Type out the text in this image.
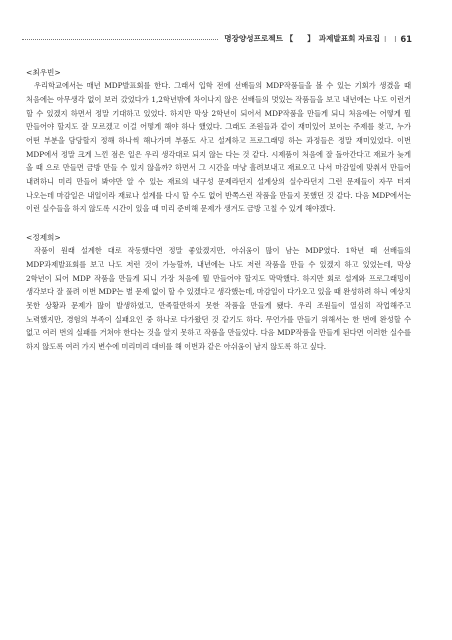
명장양성프로젝트 【 】 과제발표회 자료집 l l 61

<최우빈>

우리학교에서는 매년 MDP발표회를 한다. 그래서 입학 전에 선배들의 MDP작품들을 볼 수 있는 기회가 생겼을 때 처음에는 아무생각 없이 보러 갔었다가 1,2학년밖에 차이나지 않은 선배들의 멋있는 작품들을 보고 내년에는 나도 이런거 할 수 있겠지 하면서 정말 기대하고 있었다. 하지만 막상 2학년이 되어서 MDP작품을 만들게 되니 처음에는 어떻게 뭘 만들어야 할지도 잘 모르겠고 이걸 어떻게 해야 하나 했었다. 그래도 조원들과 같이 재미있어 보이는 주제를 찾고, 누가 어떤 부분을 담당할지 정해 하나씩 해나가며 부품도 사고 설계하고 프로그래밍 하는 과정들은 정말 재미있었다. 이번 MDP에서 정말 크게 느낀 점은 일은 우리 생각대로 되지 않는 다는 것 같다. 시제품이 처음에 잘 돌아간다고 재료가 늦게 올 때 으로 만들면 금방 만들 수 있지 않을까? 하면서 그 시간을 마냥 흘려보내고 재료오고 나서 마감일에 맞춰서 만들어 내려하니 미리 만들어 봐야만 알 수 있는 재료의 내구성 문제라던지 설계상의 실수라던지 그런 문제들이 자꾸 터져 나오는데 마감일은 내일이라 재료나 설계를 다시 할 수도 없어 반쪽스런 작품을 만들지 못했던 것 같다. 다음 MDP에서는 이런 실수들을 하지 않도록 시간이 있을 때 미리 준비해 문제가 생겨도 금방 고칠 수 있게 해야겠다.

<정제희>

작품이 원래 설계한 대로 작동했다면 정말 좋았겠지만, 아쉬움이 많이 남는 MDP였다. 1학년 때 선배들의 MDP과제발표회를 보고 나도 저런 것이 가능할까, 내년에는 나도 저런 작품을 만들 수 있겠지 하고 있었는데, 막상 2학년이 되어 MDP 작품을 만들게 되니 가장 처음에 뭘 만들어야 할지도 막막했다. 하지만 회로 설계와 프로그래밍이 생각보다 잘 풀려 이번 MDP는 별 문제 없이 할 수 있겠다고 생각했는데, 마감일이 다가오고 있을 때 완성하려 하니 예상치 못한 상황과 문제가 많이 발생하였고, 만족할만하지 못한 작품을 만들게 됐다. 우리 조원들이 열심히 작업해주고 노력했지만, 경험의 부족이 실패요인 중 하나로 다가왔던 것 같기도 하다. 무언가를 만들기 위해서는 한 번에 완성할 수 없고 여러 번의 실패를 거쳐야 한다는 것을 알지 못하고 작품을 만들었다. 다음 MDP작품을 만들게 된다면 이러한 실수를 하지 않도록 여러 가지 변수에 미리미리 대비를 해 이번과 같은 아쉬움이 남지 않도록 하고 싶다.
